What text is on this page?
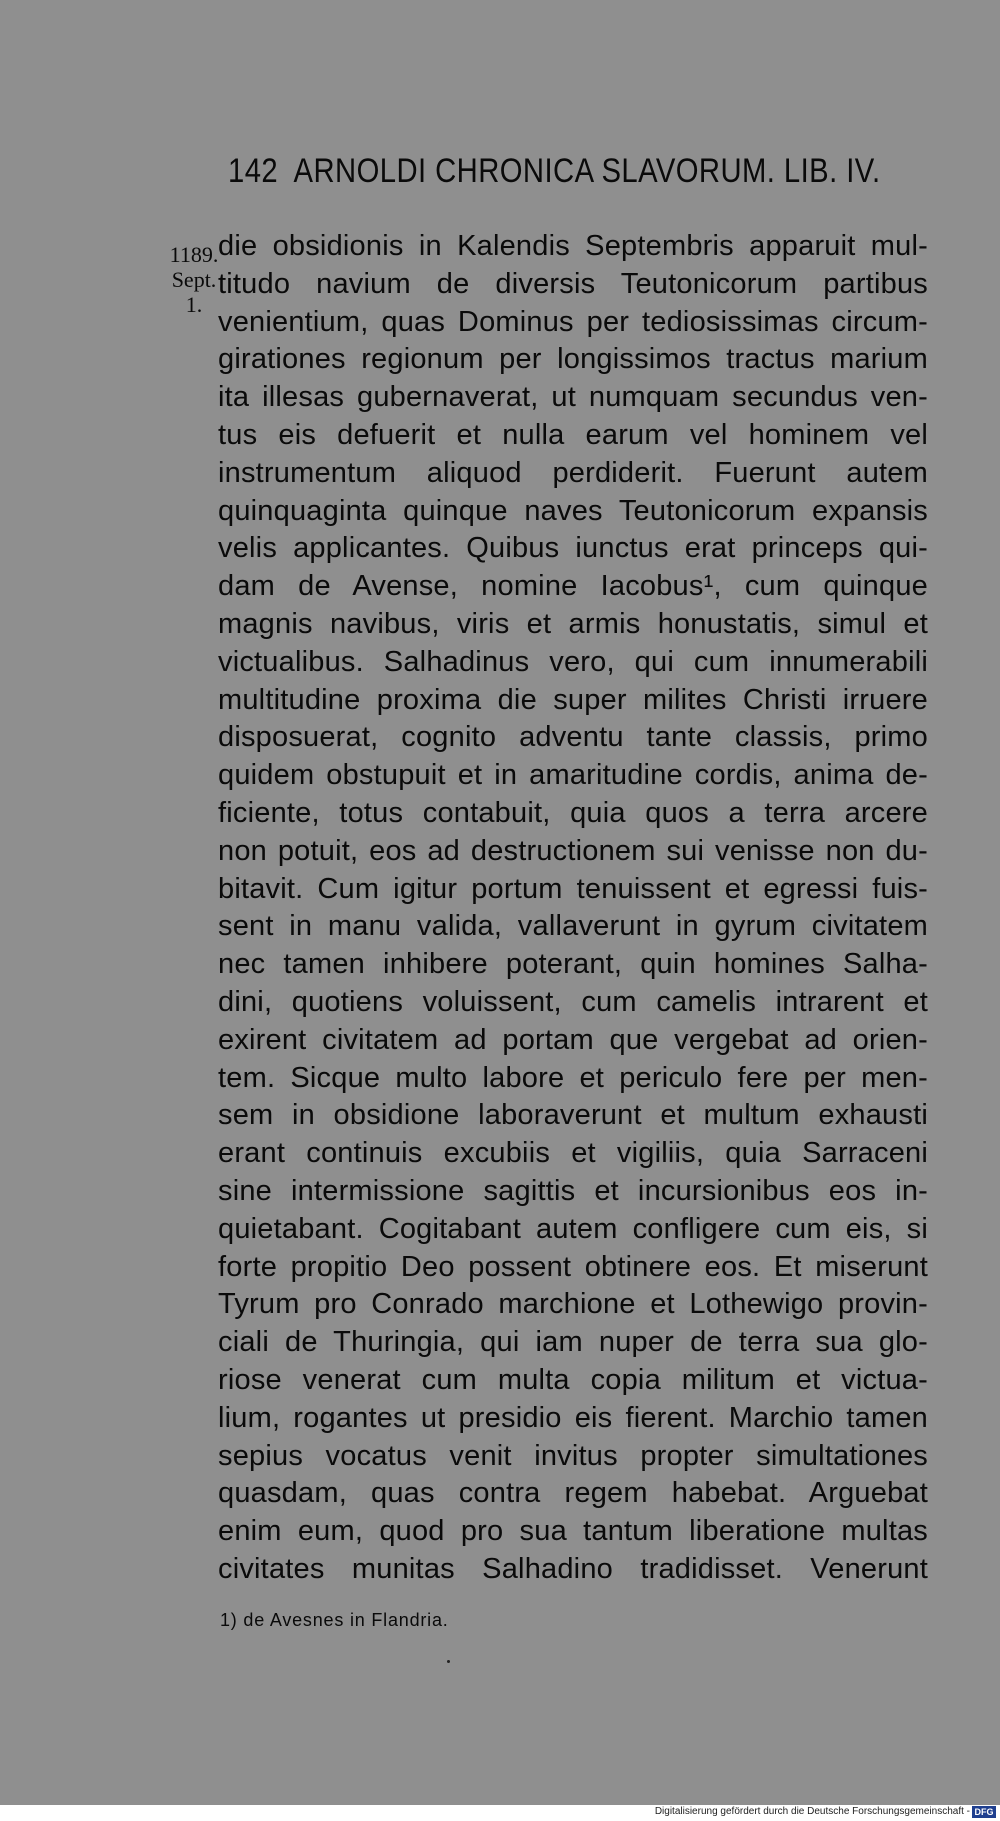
142 ARNOLDI CHRONICA SLAVORUM. LIB. IV.
1189.
Sept.
1.
die obsidionis in Kalendis Septembris apparuit mul-
titudo navium de diversis Teutonicorum partibus
venientium, quas Dominus per tediosissimas circum-
girationes regionum per longissimos tractus marium
ita illesas gubernaverat, ut numquam secundus ven-
tus eis defuerit et nulla earum vel hominem vel
instrumentum aliquod perdiderit. Fuerunt autem
quinquaginta quinque naves Teutonicorum expansis
velis applicantes. Quibus iunctus erat princeps qui-
dam de Avense, nomine Iacobus¹, cum quinque
magnis navibus, viris et armis honustatis, simul et
victualibus. Salhadinus vero, qui cum innumerabili
multitudine proxima die super milites Christi irruere
disposuerat, cognito adventu tante classis, primo
quidem obstupuit et in amaritudine cordis, anima de-
ficiente, totus contabuit, quia quos a terra arcere
non potuit, eos ad destructionem sui venisse non du-
bitavit. Cum igitur portum tenuissent et egressi fuis-
sent in manu valida, vallaverunt in gyrum civitatem
nec tamen inhibere poterant, quin homines Salha-
dini, quotiens voluissent, cum camelis intrarent et
exirent civitatem ad portam que vergebat ad orien-
tem. Sicque multo labore et periculo fere per men-
sem in obsidione laboraverunt et multum exhausti
erant continuis excubiis et vigiliis, quia Sarraceni
sine intermissione sagittis et incursionibus eos in-
quietabant. Cogitabant autem confligere cum eis, si
forte propitio Deo possent obtinere eos. Et miserunt
Tyrum pro Conrado marchione et Lothewigo provin-
ciali de Thuringia, qui iam nuper de terra sua glo-
riose venerat cum multa copia militum et victua-
lium, rogantes ut presidio eis fierent. Marchio tamen
sepius vocatus venit invitus propter simultationes
quasdam, quas contra regem habebat. Arguebat
enim eum, quod pro sua tantum liberatione multas
civitates munitas Salhadino tradidisset. Venerunt
1) de Avesnes in Flandria.
Digitalisierung gefördert durch die Deutsche Forschungsgemeinschaft - DFG
